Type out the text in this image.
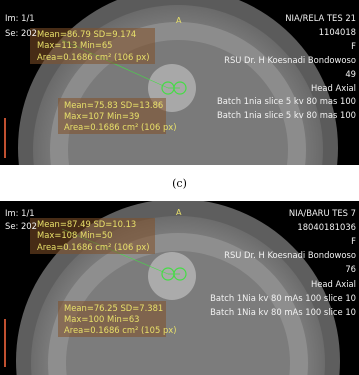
Im: 1/1
Se: 202
A
Mean=86.79 SD=9.174
Max=113 Min=65
Area=0.1686 cm² (106 px)
Mean=75.83 SD=13.86
Max=107 Min=39
Area=0.1686 cm² (106 px)
NIA/RELA TES 21
1104018
F
RSU Dr. H Koesnadi Bondowoso
49
Head Axial
Batch 1nia slice 5 kv 80 mas 100
Batch 1nia slice 5 kv 80 mas 100
(c)
Im: 1/1
Se: 202
A
Mean=87.49 SD=10.13
Max=108 Min=50
Area=0.1686 cm² (106 px)
Mean=76.25 SD=7.381
Max=100 Min=63
Area=0.1686 cm² (105 px)
NIA/BARU TES 7
18040181036
F
RSU Dr. H Koesnadi Bondowoso
76
Head Axial
Batch 1Nia kv 80 mAs 100 slice 10
Batch 1Nia kv 80 mAs 100 slice 10
